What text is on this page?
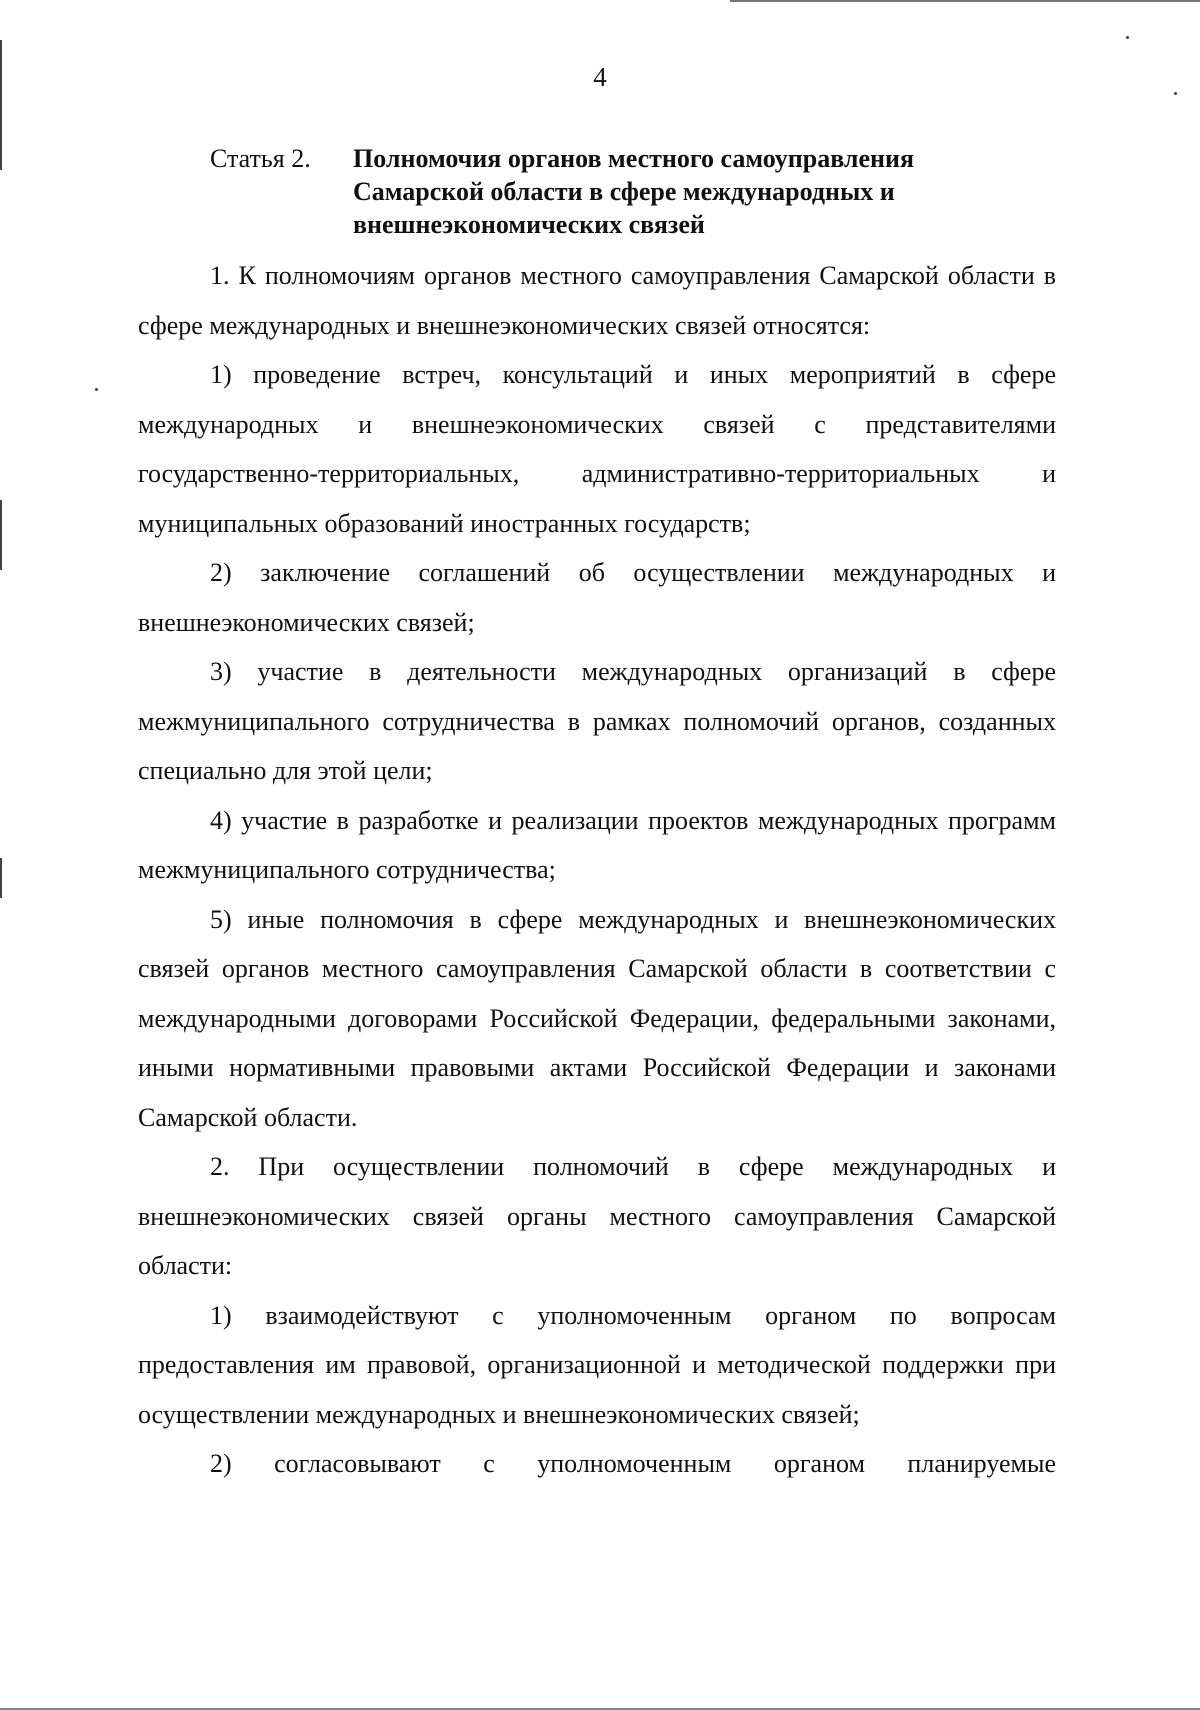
4
Статья 2.	Полномочия органов местного самоуправления
Самарской области в сфере международных и
внешнеэкономических связей

1. К полномочиям органов местного самоуправления Самарской области в сфере международных и внешнеэкономических связей относятся:

1) проведение встреч, консультаций и иных мероприятий в сфере международных и внешнеэкономических связей с представителями государственно-территориальных, административно-территориальных и муниципальных образований иностранных государств;

2) заключение соглашений об осуществлении международных и внешнеэкономических связей;

3) участие в деятельности международных организаций в сфере межмуниципального сотрудничества в рамках полномочий органов, созданных специально для этой цели;

4) участие в разработке и реализации проектов международных программ межмуниципального сотрудничества;

5) иные полномочия в сфере международных и внешнеэкономических связей органов местного самоуправления Самарской области в соответствии с международными договорами Российской Федерации, федеральными законами, иными нормативными правовыми актами Российской Федерации и законами Самарской области.

2. При осуществлении полномочий в сфере международных и внешнеэкономических связей органы местного самоуправления Самарской области:

1) взаимодействуют с уполномоченным органом по вопросам предоставления им правовой, организационной и методической поддержки при осуществлении международных и внешнеэкономических связей;

2) согласовывают с уполномоченным органом планируемые
